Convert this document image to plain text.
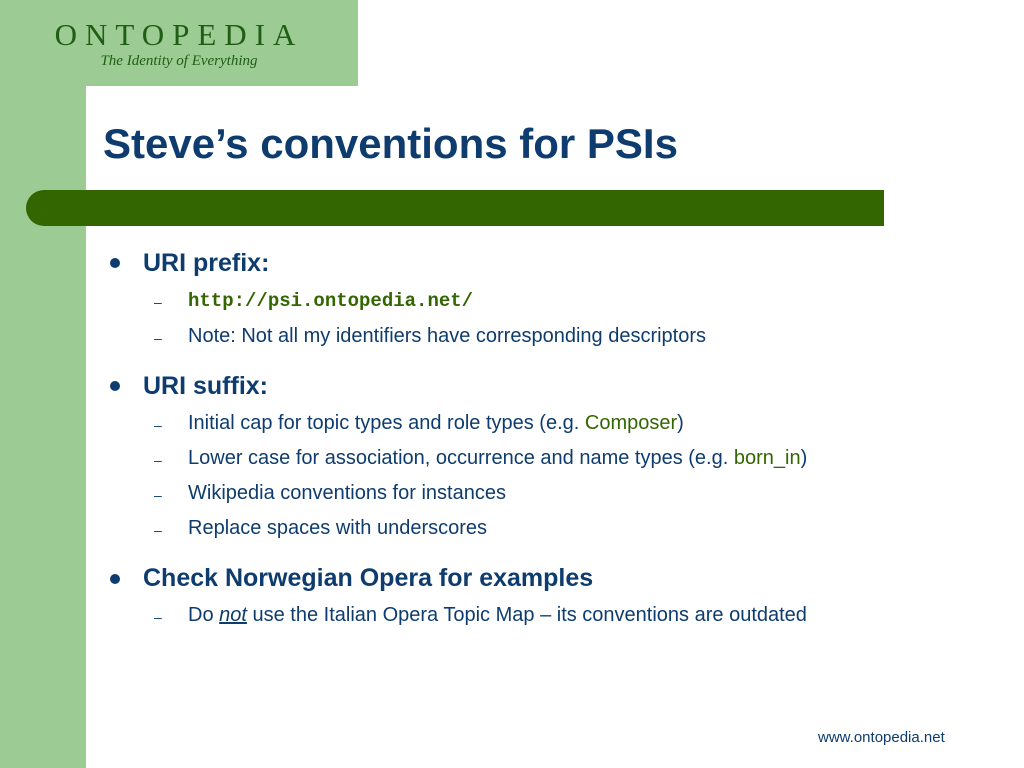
ONTOPEDIA
The Identity of Everything
Steve’s conventions for PSIs
URI prefix:
– http://psi.ontopedia.net/
– Note: Not all my identifiers have corresponding descriptors
URI suffix:
– Initial cap for topic types and role types (e.g. Composer)
– Lower case for association, occurrence and name types (e.g. born_in)
– Wikipedia conventions for instances
– Replace spaces with underscores
Check Norwegian Opera for examples
– Do not use the Italian Opera Topic Map – its conventions are outdated
www.ontopedia.net
